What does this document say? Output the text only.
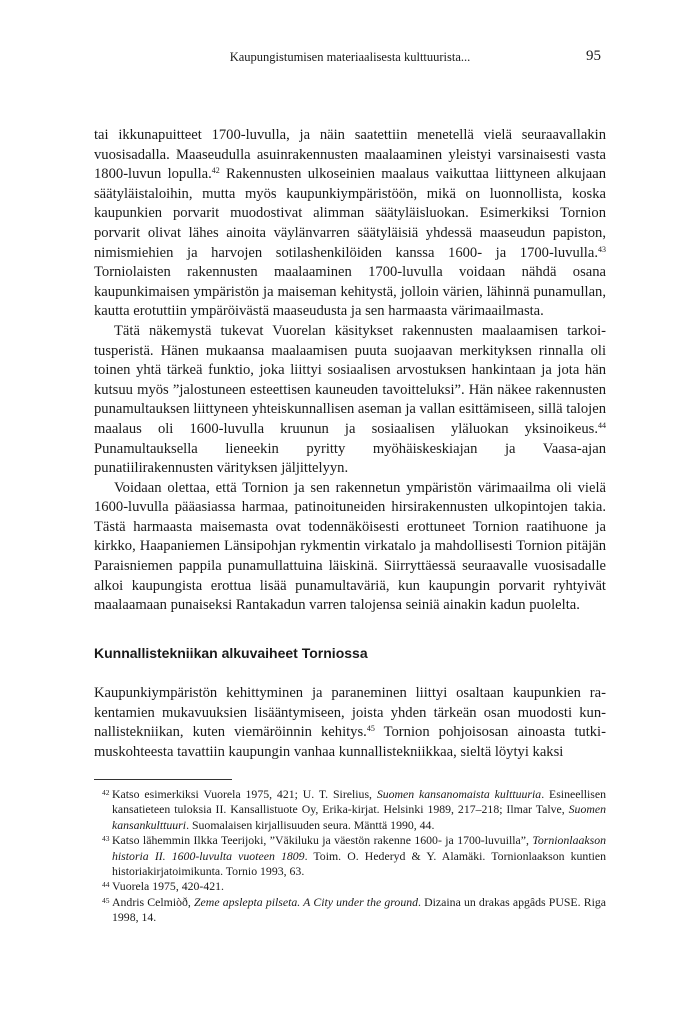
Kaupungistumisen materiaalisesta kulttuurista...	95

tai ikkunapuitteet 1700-luvulla, ja näin saatettiin menetellä vielä seuraavallakin vuosisadalla. Maaseudulla asuinrakennusten maalaaminen yleistyi varsinaisesti vasta 1800-luvun lopulla.$^{42}$ Rakennusten ulkoseinien maalaus vaikuttaa liittyneen alkujaan säätyläistaloihin, mutta myös kaupunkiympäristöön, mikä on luonnollista, koska kaupunkien porvarit muodostivat alimman säätyläisluokan. Esimerkiksi Tornion porvarit olivat lähes ainoita väylänvarren säätyläisiä yhdessä maaseudun papiston, nimismiehien ja harvojen sotilashenkilöiden kanssa 1600- ja 1700-luvulla.$^{43}$ Torniolaisten rakennusten maalaaminen 1700-luvulla voidaan nähdä osana kaupunkimaisen ympäristön ja maiseman kehitystä, jolloin värien, lähinnä punamullan, kautta erotuttiin ympäröivästä maaseudusta ja sen harmaasta värimaailmasta.

Tätä näkemystä tukevat Vuorelan käsitykset rakennusten maalaamisen tarkoitusperistä. Hänen mukaansa maalaamisen puuta suojaavan merkityksen rinnalla oli toinen yhtä tärkeä funktio, joka liittyi sosiaalisen arvostuksen hankintaan ja jota hän kutsuu myös ”jalostuneen esteettisen kauneuden tavoitteluksi”. Hän näkee rakennusten punamultauksen liittyneen yhteiskunnallisen aseman ja vallan esittämiseen, sillä talojen maalaus oli 1600-luvulla kruunun ja sosiaalisen yläluokan yksinoikeus.$^{44}$ Punamultauksella lieneekin pyritty myöhäiskeskiajan ja Vaasa-ajan punatiilirakennusten värityksen jäljittelyyn.

Voidaan olettaa, että Tornion ja sen rakennetun ympäristön värimaailma oli vielä 1600-luvulla pääasiassa harmaa, patinoituneiden hirsirakennusten ulkopintojen takia. Tästä harmaasta maisemasta ovat todennäköisesti erottuneet Tornion raatihuone ja kirkko, Haapaniemen Länsipohjan rykmentin virkatalo ja mahdollisesti Tornion pitäjän Paraisniemen pappila punamullattuina läiskinä. Siirryttäessä seuraavalle vuosisadalle alkoi kaupungista erottua lisää punamultaväriä, kun kaupungin porvarit ryhtyivät maalaamaan punaiseksi Rantakadun varren talojensa seiniä ainakin kadun puolelta.

Kunnallistekniikan alkuvaiheet Torniossa

Kaupunkiympäristön kehittyminen ja paraneminen liittyi osaltaan kaupunkien rakentamien mukavuuksien lisääntymiseen, joista yhden tärkeän osan muodosti kunnallistekniikan, kuten viemäröinnin kehitys.$^{45}$ Tornion pohjoisosan ainoasta tutkimuskohteesta tavattiin kaupungin vanhaa kunnallistekniikkaa, sieltä löytyi kaksi

42 Katso esimerkiksi Vuorela 1975, 421; U. T. Sirelius, Suomen kansanomaista kulttuuria. Esineellisen kansatieteen tuloksia II. Kansallistuote Oy, Erika-kirjat. Helsinki 1989, 217–218; Ilmar Talve, Suomen kansankulttuuri. Suomalaisen kirjallisuuden seura. Mänttä 1990, 44.
43 Katso lähemmin Ilkka Teerijoki, ”Väkiluku ja väestön rakenne 1600- ja 1700-luvuilla”, Tornionlaakson historia II. 1600-luvulta vuoteen 1809. Toim. O. Hederyd & Y. Alamäki. Tornionlaakson kuntien historiakirjatoimikunta. Tornio 1993, 63.
44 Vuorela 1975, 420-421.
45 Andris Celmiòð, Zeme apslepta pilseta. A City under the ground. Dizaina un drakas apgâds PUSE. Riga 1998, 14.
